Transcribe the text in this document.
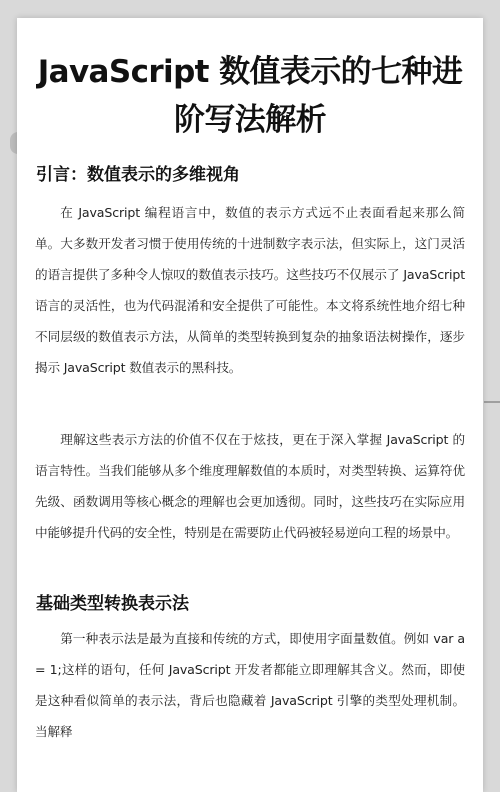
JavaScript 数值表示的七种进阶写法解析
引言：数值表示的多维视角

在 JavaScript 编程语言中，数值的表示方式远不止表面看起来那么简单。大多数开发者习惯于使用传统的十进制数字表示法，但实际上，这门灵活的语言提供了多种令人惊叹的数值表示技巧。这些技巧不仅展示了 JavaScript 语言的灵活性，也为代码混淆和安全提供了可能性。本文将系统性地介绍七种不同层级的数值表示方法，从简单的类型转换到复杂的抽象语法树操作，逐步揭示 JavaScript 数值表示的黑科技。

理解这些表示方法的价值不仅在于炫技，更在于深入掌握 JavaScript 的语言特性。当我们能够从多个维度理解数值的本质时，对类型转换、运算符优先级、函数调用等核心概念的理解也会更加透彻。同时，这些技巧在实际应用中能够提升代码的安全性，特别是在需要防止代码被轻易逆向工程的场景中。

基础类型转换表示法

第一种表示法是最为直接和传统的方式，即使用字面量数值。例如 var a = 1;这样的语句，任何 JavaScript 开发者都能立即理解其含义。然而，即使是这种看似简单的表示法，背后也隐藏着 JavaScript 引擎的类型处理机制。当解释
